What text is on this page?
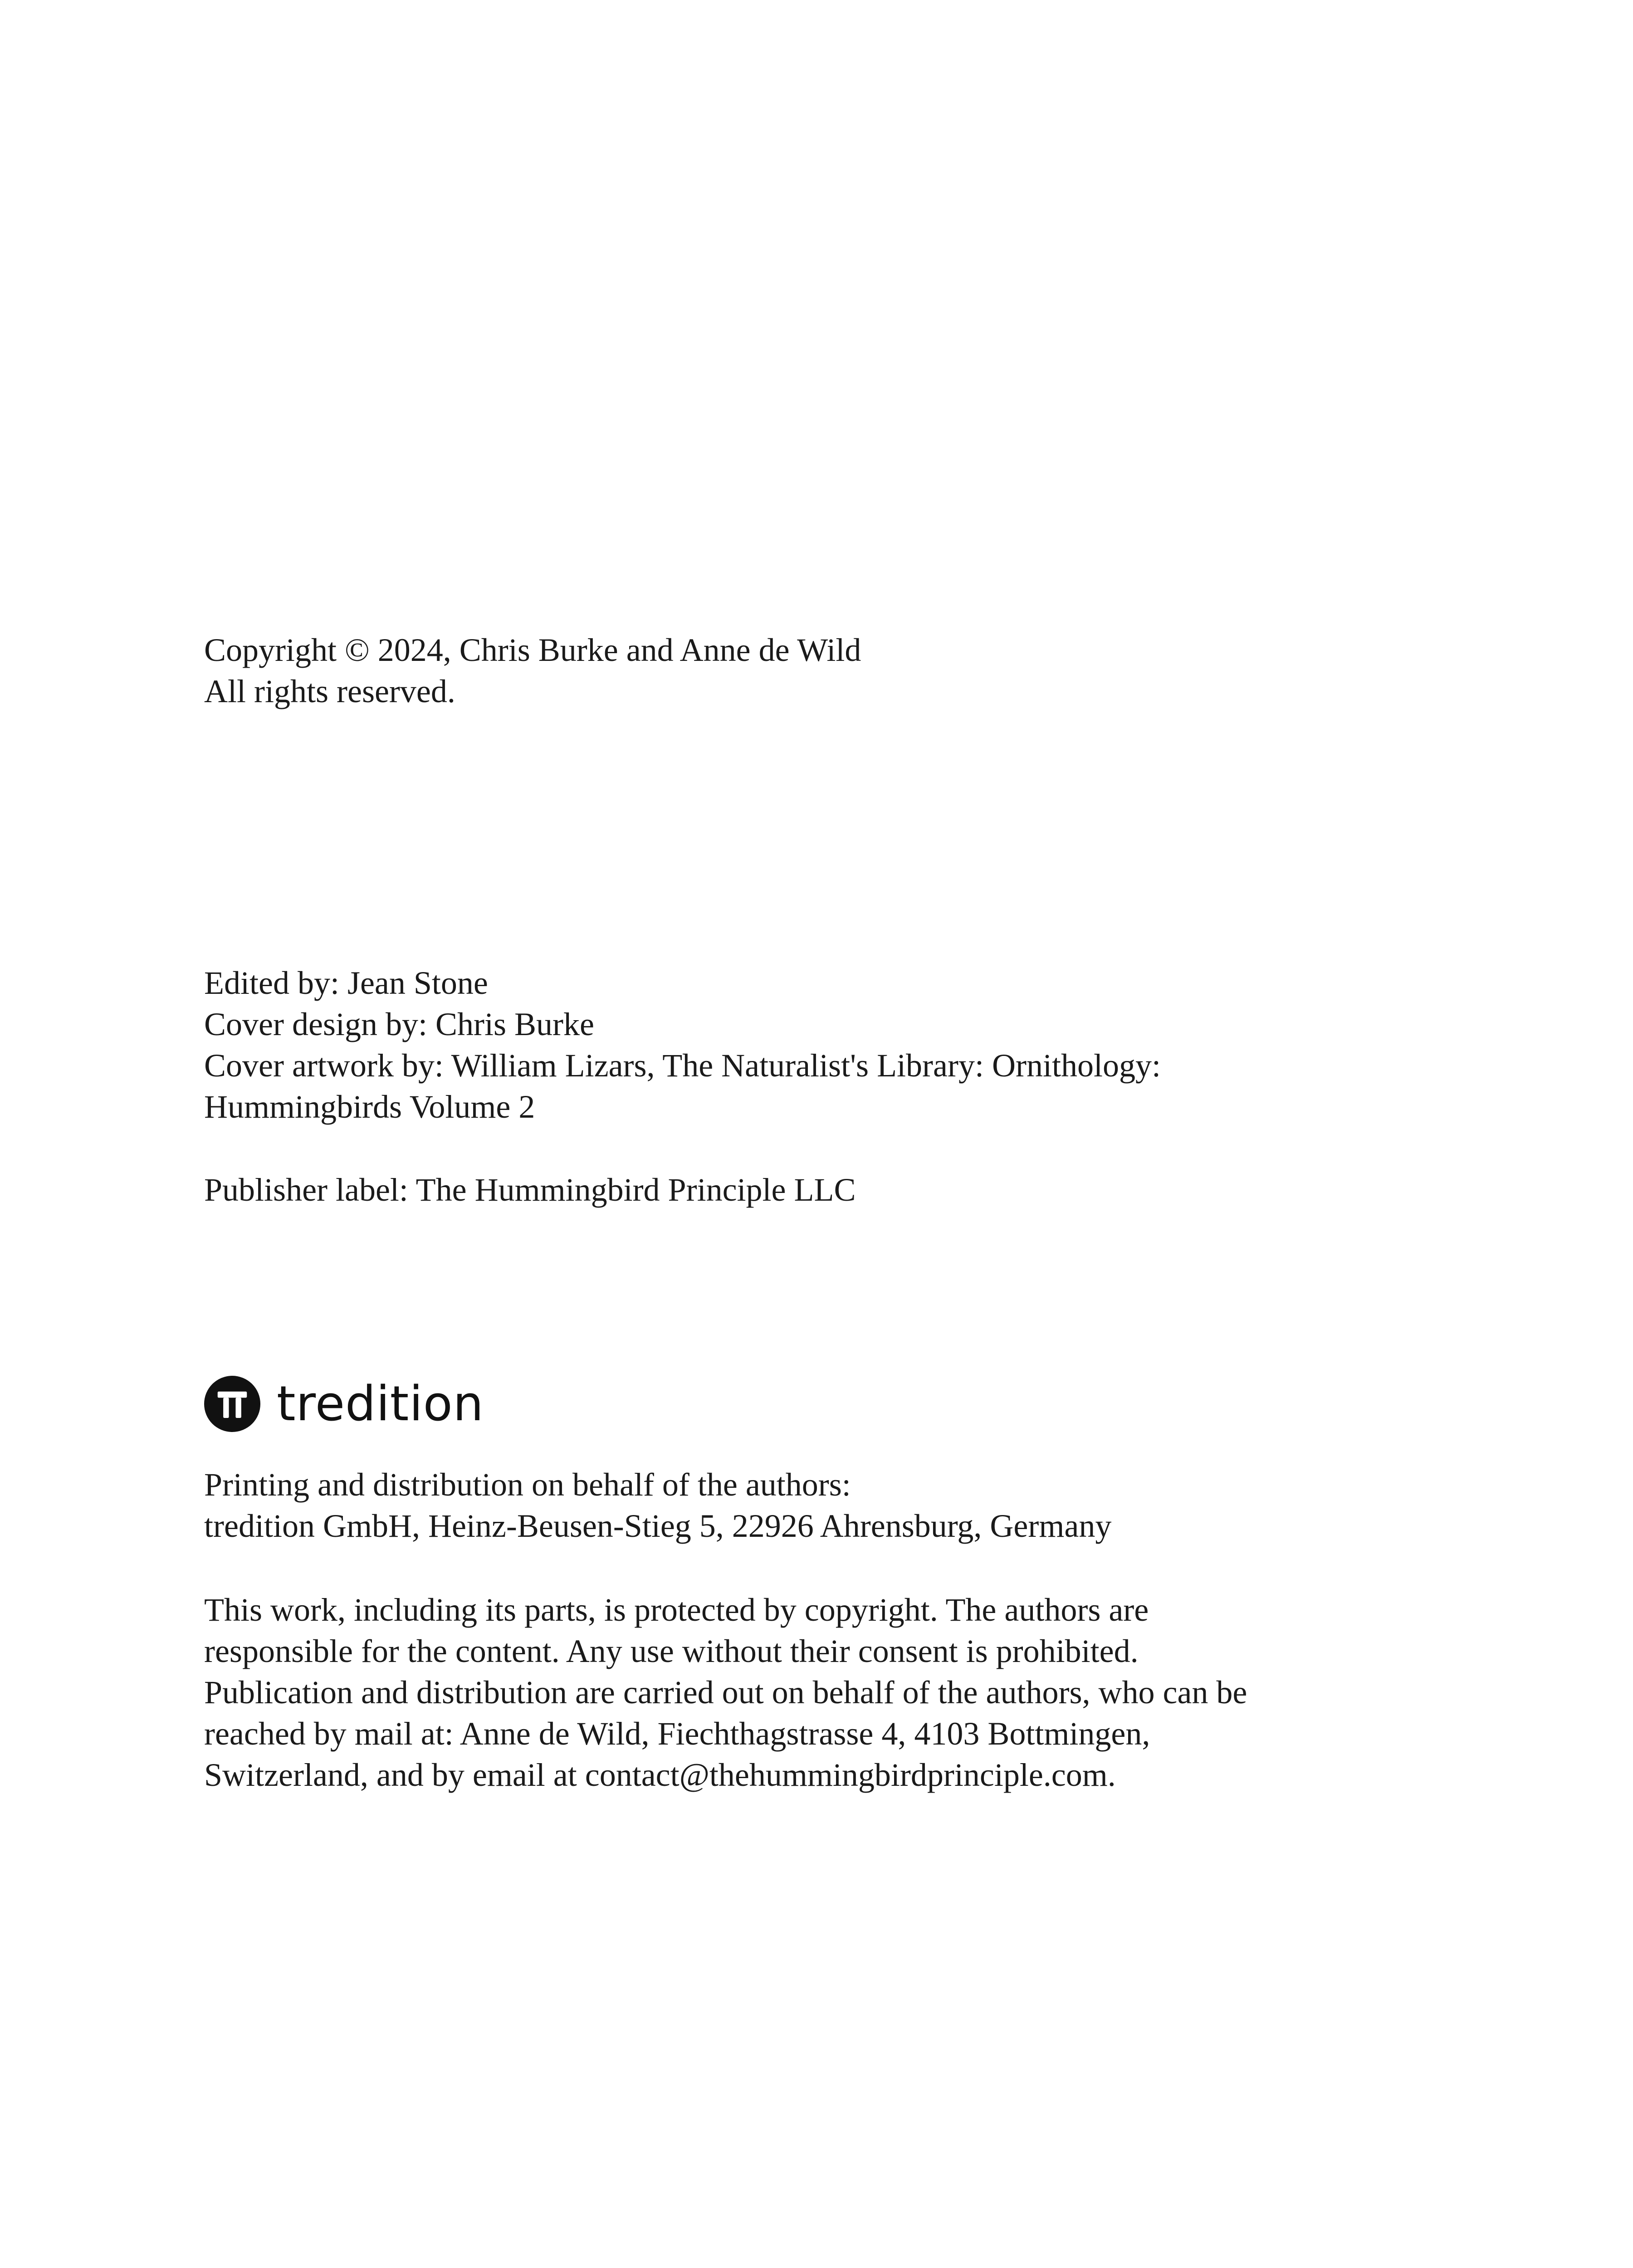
Copyright © 2024, Chris Burke and Anne de Wild
All rights reserved.
Edited by: Jean Stone
Cover design by: Chris Burke
Cover artwork by: William Lizars, The Naturalist's Library: Ornithology:
Hummingbirds Volume 2
Publisher label: The Hummingbird Principle LLC
tredition
Printing and distribution on behalf of the authors:
tredition GmbH, Heinz-Beusen-Stieg 5, 22926 Ahrensburg, Germany
This work, including its parts, is protected by copyright. The authors are
responsible for the content. Any use without their consent is prohibited.
Publication and distribution are carried out on behalf of the authors, who can be
reached by mail at: Anne de Wild, Fiechthagstrasse 4, 4103 Bottmingen,
Switzerland, and by email at contact@thehummingbirdprinciple.com.
